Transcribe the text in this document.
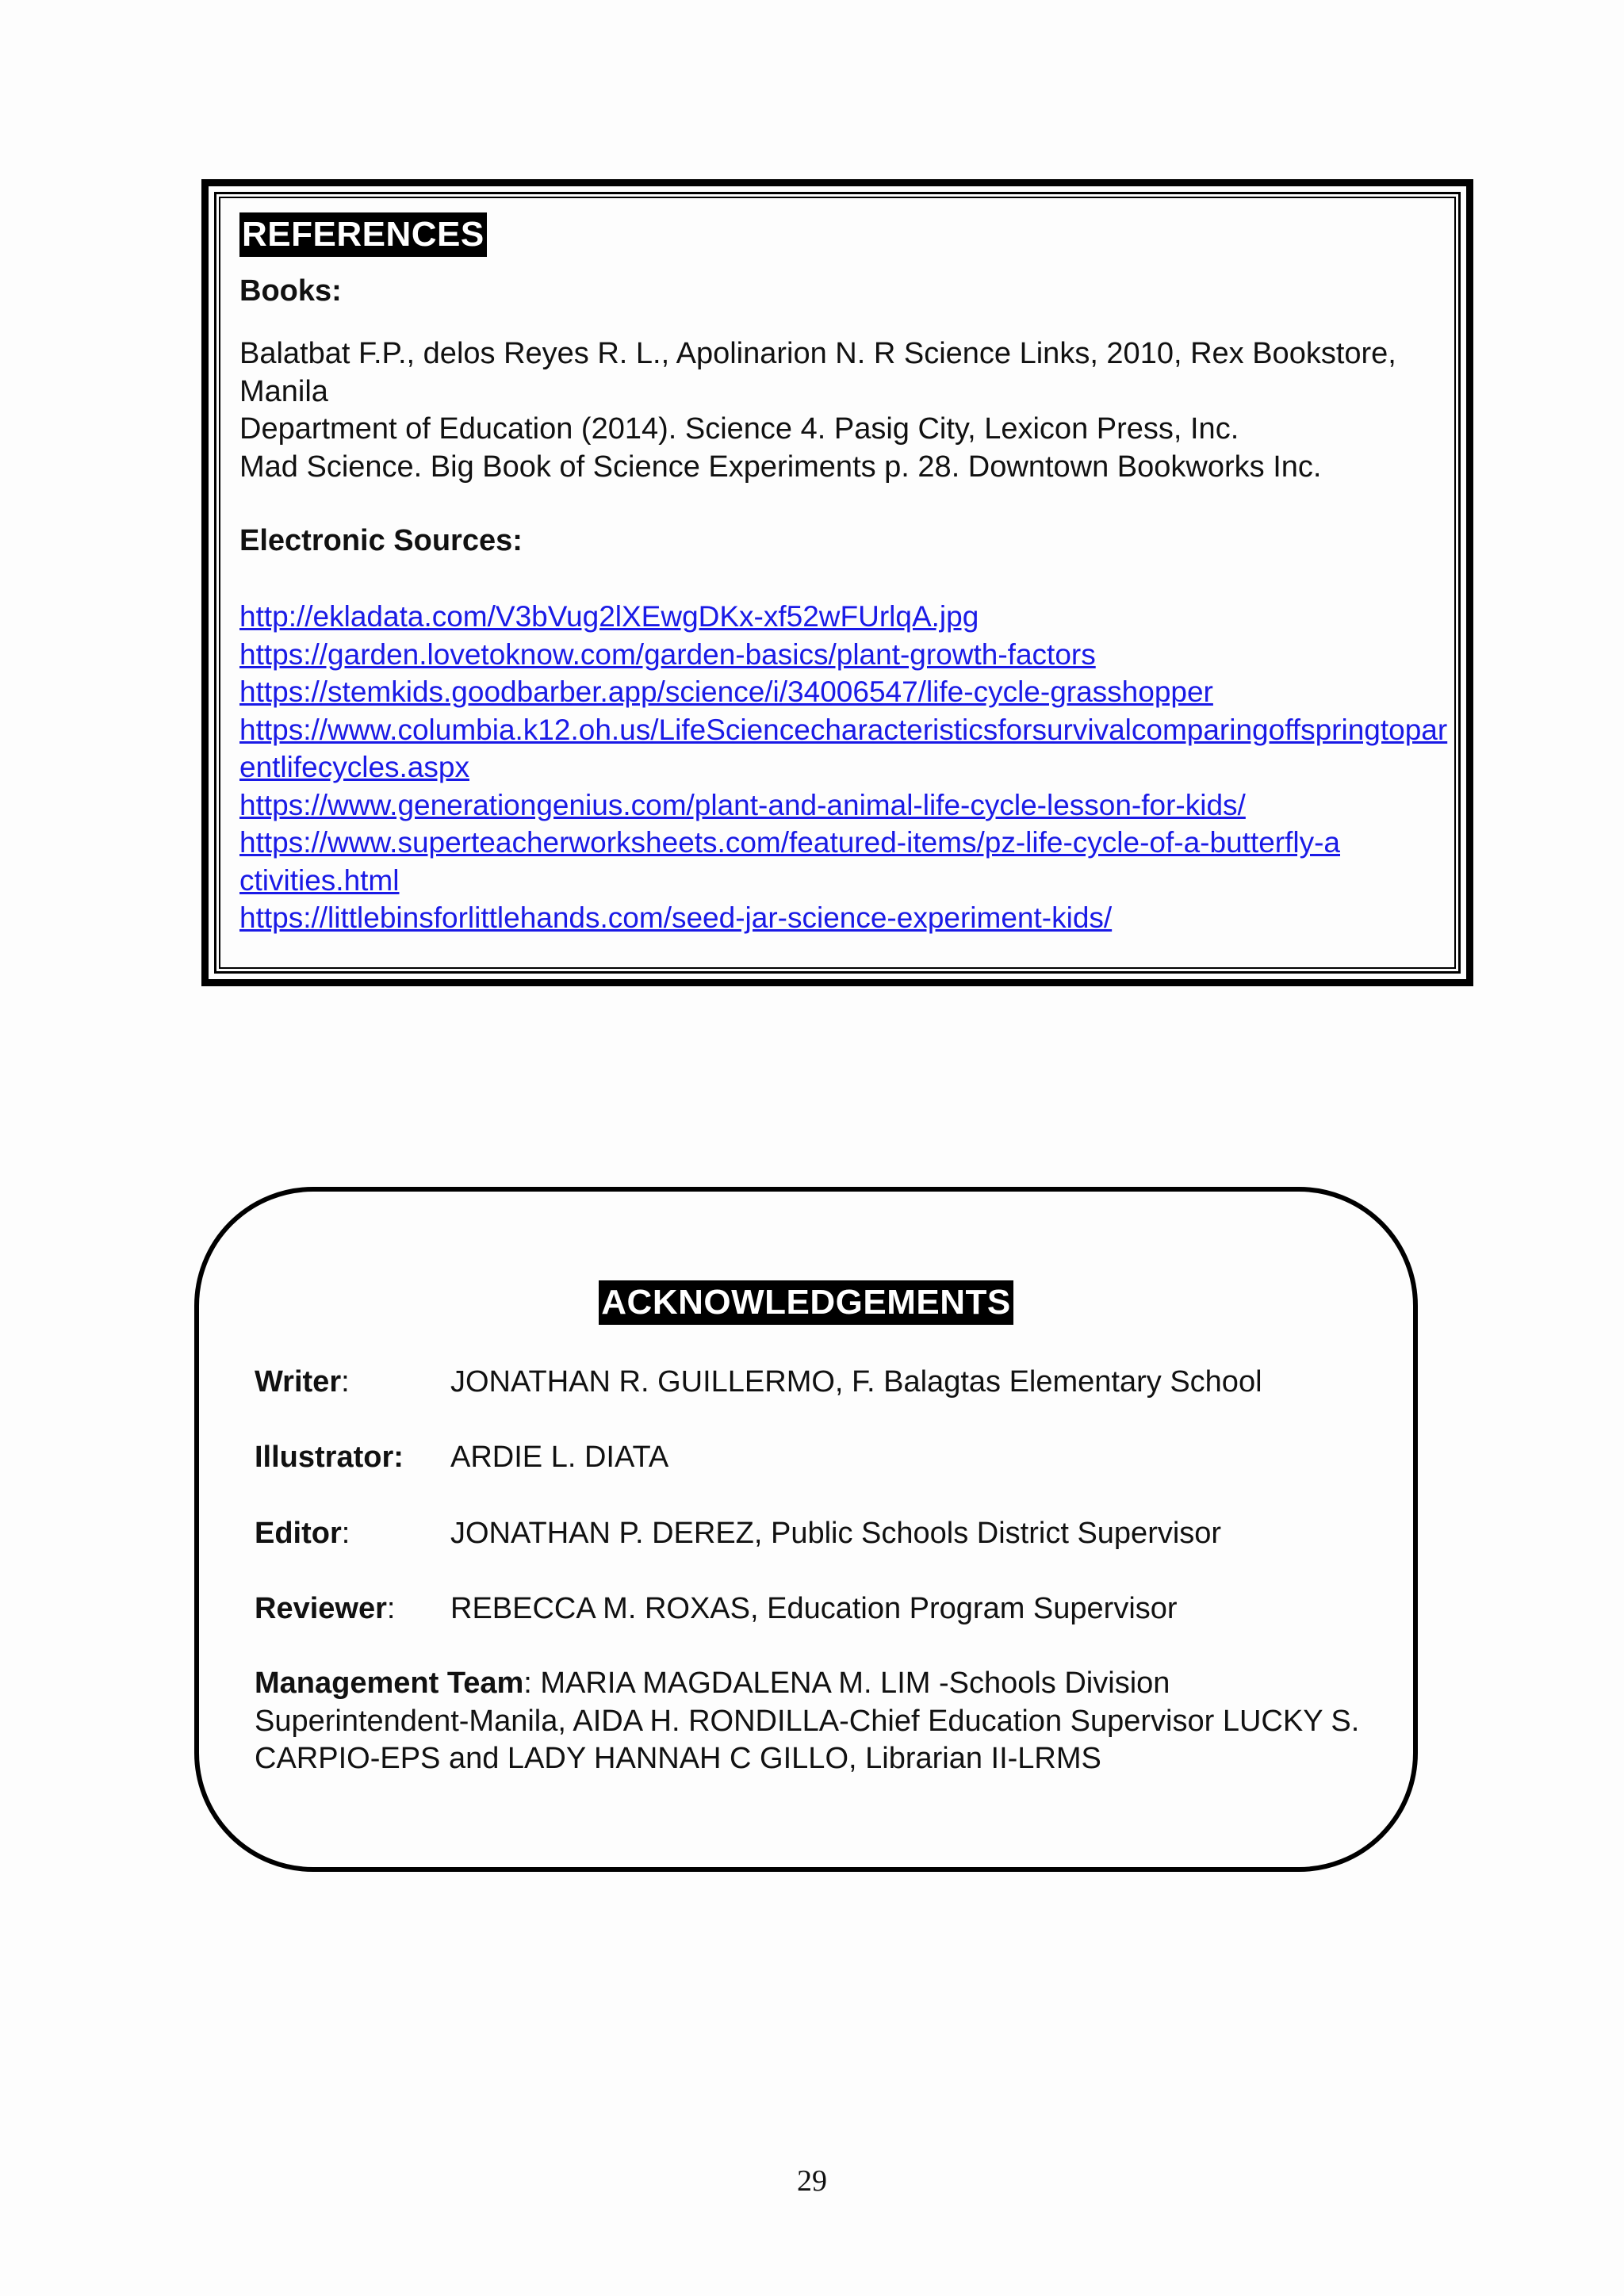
REFERENCES

Books:

Balatbat F.P., delos Reyes R. L., Apolinarion N. R Science Links, 2010, Rex Bookstore, Manila

Department of Education (2014). Science 4. Pasig City, Lexicon Press, Inc.

Mad Science. Big Book of Science Experiments p. 28. Downtown Bookworks Inc.

Electronic Sources:

http://ekladata.com/V3bVug2lXEwgDKx-xf52wFUrlqA.jpg
https://garden.lovetoknow.com/garden-basics/plant-growth-factors
https://stemkids.goodbarber.app/science/i/34006547/life-cycle-grasshopper
https://www.columbia.k12.oh.us/LifeSciencecharacteristicsforsurvivalcomparingoffspringtoparentlifecycles.aspx
https://www.generationgenius.com/plant-and-animal-life-cycle-lesson-for-kids/
https://www.superteacherworksheets.com/featured-items/pz-life-cycle-of-a-butterfly-activities.html
https://littlebinsforlittlehands.com/seed-jar-science-experiment-kids/
ACKNOWLEDGEMENTS
Writer:	JONATHAN R. GUILLERMO, F. Balagtas Elementary School
Illustrator: ARDIE L. DIATA
Editor:	JONATHAN P. DEREZ, Public Schools District Supervisor
Reviewer: REBECCA M. ROXAS, Education Program Supervisor
Management Team: MARIA MAGDALENA M. LIM -Schools Division Superintendent-Manila, AIDA H. RONDILLA-Chief Education Supervisor LUCKY S. CARPIO-EPS and LADY HANNAH C GILLO, Librarian II-LRMS
29
